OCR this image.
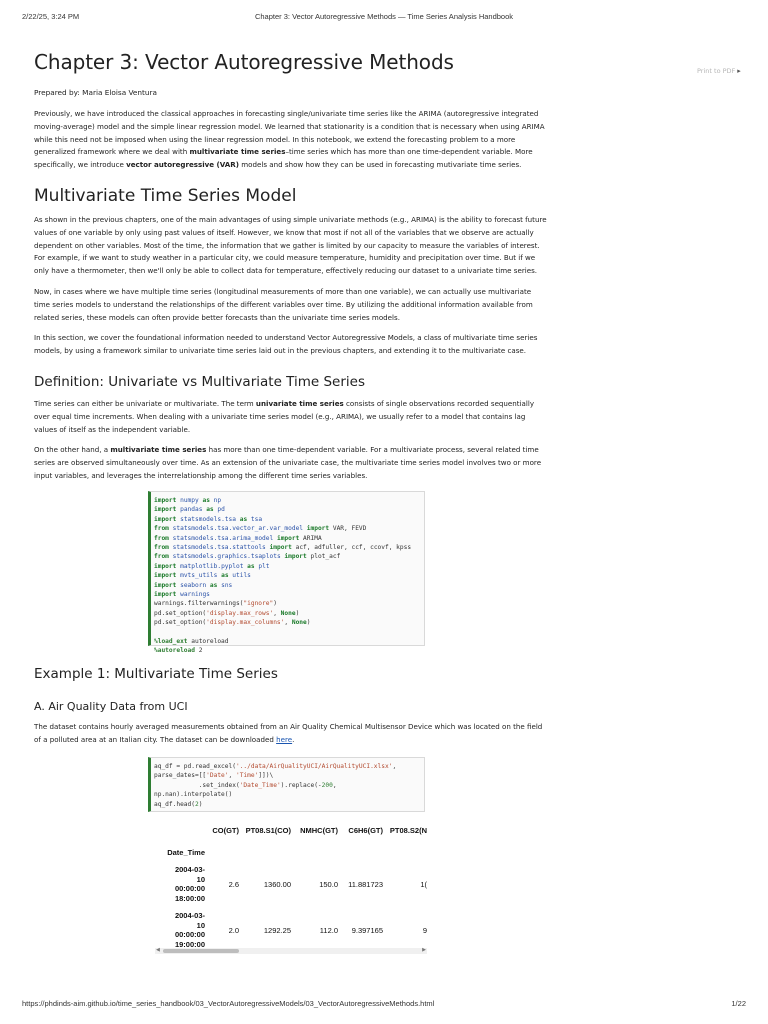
2/22/25, 3:24 PM	Chapter 3: Vector Autoregressive Methods — Time Series Analysis Handbook
Print to PDF ▸
Chapter 3: Vector Autoregressive Methods
Prepared by: Maria Eloisa Ventura

Previously, we have introduced the classical approaches in forecasting single/univariate time series like the ARIMA (autoregressive integrated moving-average) model and the simple linear regression model. We learned that stationarity is a condition that is necessary when using ARIMA while this need not be imposed when using the linear regression model. In this notebook, we extend the forecasting problem to a more generalized framework where we deal with multivariate time series–time series which has more than one time-dependent variable. More specifically, we introduce vector autoregressive (VAR) models and show how they can be used in forecasting mutivariate time series.

Multivariate Time Series Model

As shown in the previous chapters, one of the main advantages of using simple univariate methods (e.g., ARIMA) is the ability to forecast future values of one variable by only using past values of itself. However, we know that most if not all of the variables that we observe are actually dependent on other variables. Most of the time, the information that we gather is limited by our capacity to measure the variables of interest. For example, if we want to study weather in a particular city, we could measure temperature, humidity and precipitation over time. But if we only have a thermometer, then we'll only be able to collect data for temperature, effectively reducing our dataset to a univariate time series.

Now, in cases where we have multiple time series (longitudinal measurements of more than one variable), we can actually use multivariate time series models to understand the relationships of the different variables over time. By utilizing the additional information available from related series, these models can often provide better forecasts than the univariate time series models.

In this section, we cover the foundational information needed to understand Vector Autoregressive Models, a class of multivariate time series models, by using a framework similar to univariate time series laid out in the previous chapters, and extending it to the multivariate case.

Definition: Univariate vs Multivariate Time Series

Time series can either be univariate or multivariate. The term univariate time series consists of single observations recorded sequentially over equal time increments. When dealing with a univariate time series model (e.g., ARIMA), we usually refer to a model that contains lag values of itself as the independent variable.

On the other hand, a multivariate time series has more than one time-dependent variable. For a multivariate process, several related time series are observed simultaneously over time. As an extension of the univariate case, the multivariate time series model involves two or more input variables, and leverages the interrelationship among the different time series variables.

import numpy as np
import pandas as pd
import statsmodels.tsa as tsa
from statsmodels.tsa.vector_ar.var_model import VAR, FEVD
from statsmodels.tsa.arima_model import ARIMA
from statsmodels.tsa.stattools import acf, adfuller, ccf, ccovf, kpss
from statsmodels.graphics.tsaplots import plot_acf
import matplotlib.pyplot as plt
import mvts_utils as utils
import seaborn as sns
import warnings
warnings.filterwarnings("ignore")
pd.set_option('display.max_rows', None)
pd.set_option('display.max_columns', None)
%load_ext autoreload
%autoreload 2
Example 1: Multivariate Time Series
A. Air Quality Data from UCI

The dataset contains hourly averaged measurements obtained from an Air Quality Chemical Multisensor Device which was located on the field of a polluted area at an Italian city. The dataset can be downloaded here.

aq_df = pd.read_excel('../data/AirQualityUCI/AirQualityUCI.xlsx',
parse_dates=[['Date', 'Time']])\
.set_index('Date_Time').replace(-200,
np.nan).interpolate()
aq_df.head(2)
	CO(GT)	PT08.S1(CO)	NMHC(GT)	C6H6(GT)	PT08.S2(N
Date_Time					

2004-03-
10
00:00:00
18:00:00	2.6	1360.00	150.0	11.881723	1(

2004-03-
10
00:00:00
19:00:00	2.0	1292.25	112.0	9.397165	9
◀	▶
https://phdinds-aim.github.io/time_series_handbook/03_VectorAutoregressiveModels/03_VectorAutoregressiveMethods.html	1/22
